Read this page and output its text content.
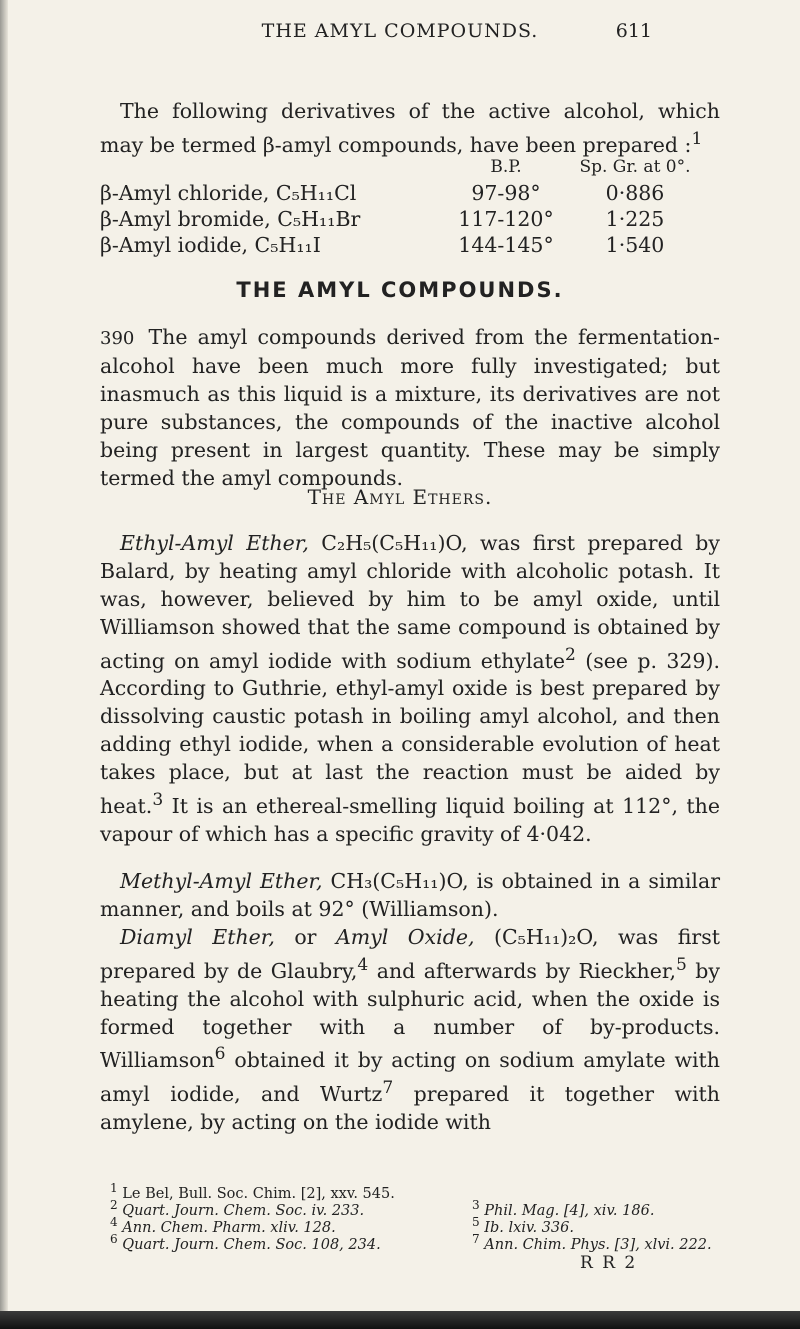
THE AMYL COMPOUNDS.	611
The following derivatives of the active alcohol, which may be termed β-amyl compounds, have been prepared :$^1$
B.P.	Sp. Gr. at 0°.
β-Amyl chloride, C₅H₁₁Cl	97-98°	0·886
β-Amyl bromide, C₅H₁₁Br	117-120°	1·225
β-Amyl iodide, C₅H₁₁I	144-145°	1·540
THE AMYL COMPOUNDS.
390 The amyl compounds derived from the fermentation-alcohol have been much more fully investigated; but inasmuch as this liquid is a mixture, its derivatives are not pure substances, the compounds of the inactive alcohol being present in largest quantity. These may be simply termed the amyl compounds.
The Amyl Ethers.
Ethyl-Amyl Ether, C₂H₅(C₅H₁₁)O, was first prepared by Balard, by heating amyl chloride with alcoholic potash. It was, however, believed by him to be amyl oxide, until Williamson showed that the same compound is obtained by acting on amyl iodide with sodium ethylate$^2$ (see p. 329). According to Guthrie, ethyl-amyl oxide is best prepared by dissolving caustic potash in boiling amyl alcohol, and then adding ethyl iodide, when a considerable evolution of heat takes place, but at last the reaction must be aided by heat.$^3$ It is an ethereal-smelling liquid boiling at 112°, the vapour of which has a specific gravity of 4·042.
Methyl-Amyl Ether, CH₃(C₅H₁₁)O, is obtained in a similar manner, and boils at 92° (Williamson).
Diamyl Ether, or Amyl Oxide, (C₅H₁₁)₂O, was first prepared by de Glaubry,$^4$ and afterwards by Rieckher,$^5$ by heating the alcohol with sulphuric acid, when the oxide is formed together with a number of by-products. Williamson$^6$ obtained it by acting on sodium amylate with amyl iodide, and Wurtz$^7$ prepared it together with amylene, by acting on the iodide with
$^1$ Le Bel, Bull. Soc. Chim. [2], xxv. 545.
$^2$ Quart. Journ. Chem. Soc. iv. 233.	$^3$ Phil. Mag. [4], xiv. 186.
$^4$ Ann. Chem. Pharm. xliv. 128.	$^5$ Ib. lxiv. 336.
$^6$ Quart. Journ. Chem. Soc. 108, 234.	$^7$ Ann. Chim. Phys. [3], xlvi. 222.
R R 2
